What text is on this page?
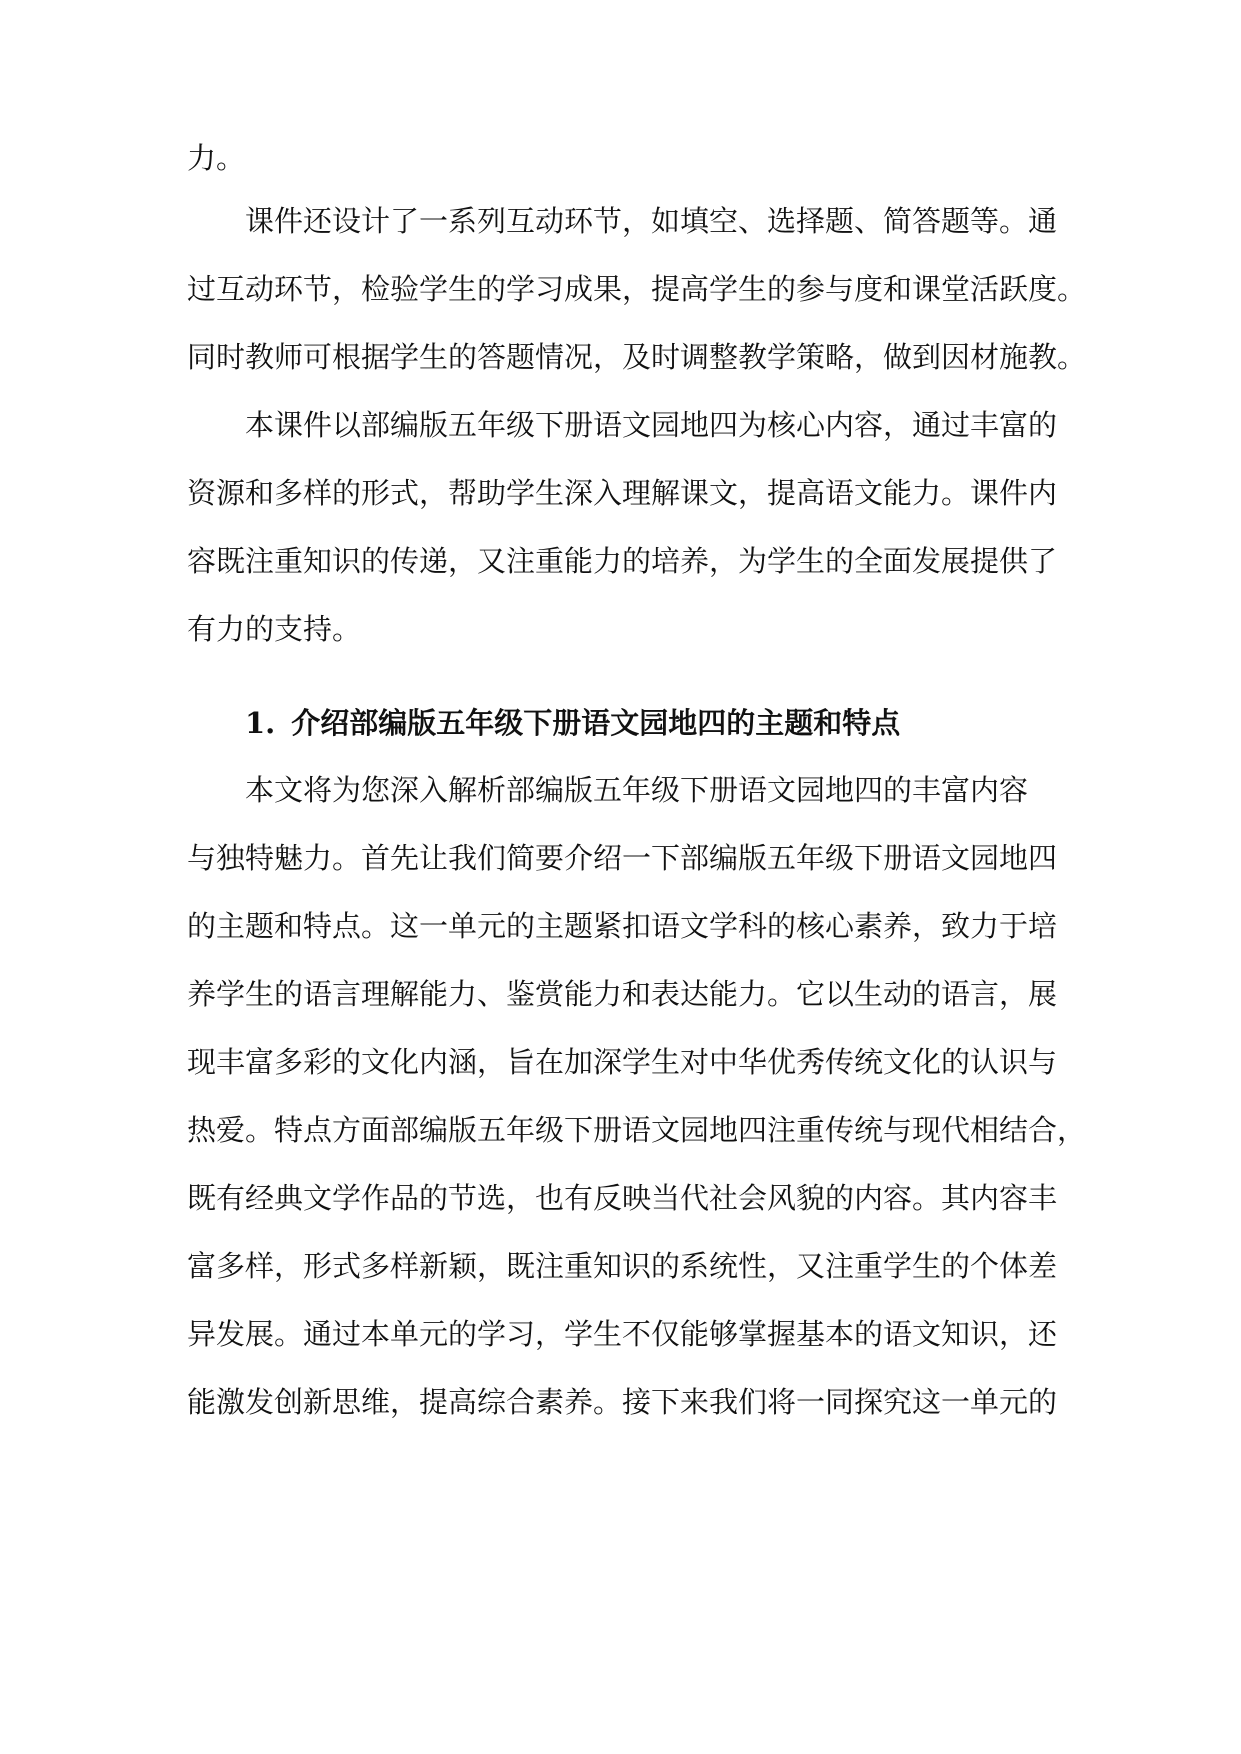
力。
　　课件还设计了一系列互动环节，如填空、选择题、简答题等。通
过互动环节，检验学生的学习成果，提高学生的参与度和课堂活跃度。
同时教师可根据学生的答题情况，及时调整教学策略，做到因材施教。
　　本课件以部编版五年级下册语文园地四为核心内容，通过丰富的
资源和多样的形式，帮助学生深入理解课文，提高语文能力。课件内
容既注重知识的传递，又注重能力的培养，为学生的全面发展提供了
有力的支持。
1. 介绍部编版五年级下册语文园地四的主题和特点
　　本文将为您深入解析部编版五年级下册语文园地四的丰富内容
与独特魅力。首先让我们简要介绍一下部编版五年级下册语文园地四
的主题和特点。这一单元的主题紧扣语文学科的核心素养，致力于培
养学生的语言理解能力、鉴赏能力和表达能力。它以生动的语言，展
现丰富多彩的文化内涵，旨在加深学生对中华优秀传统文化的认识与
热爱。特点方面部编版五年级下册语文园地四注重传统与现代相结合，
既有经典文学作品的节选，也有反映当代社会风貌的内容。其内容丰
富多样，形式多样新颖，既注重知识的系统性，又注重学生的个体差
异发展。通过本单元的学习，学生不仅能够掌握基本的语文知识，还
能激发创新思维，提高综合素养。接下来我们将一同探究这一单元的
